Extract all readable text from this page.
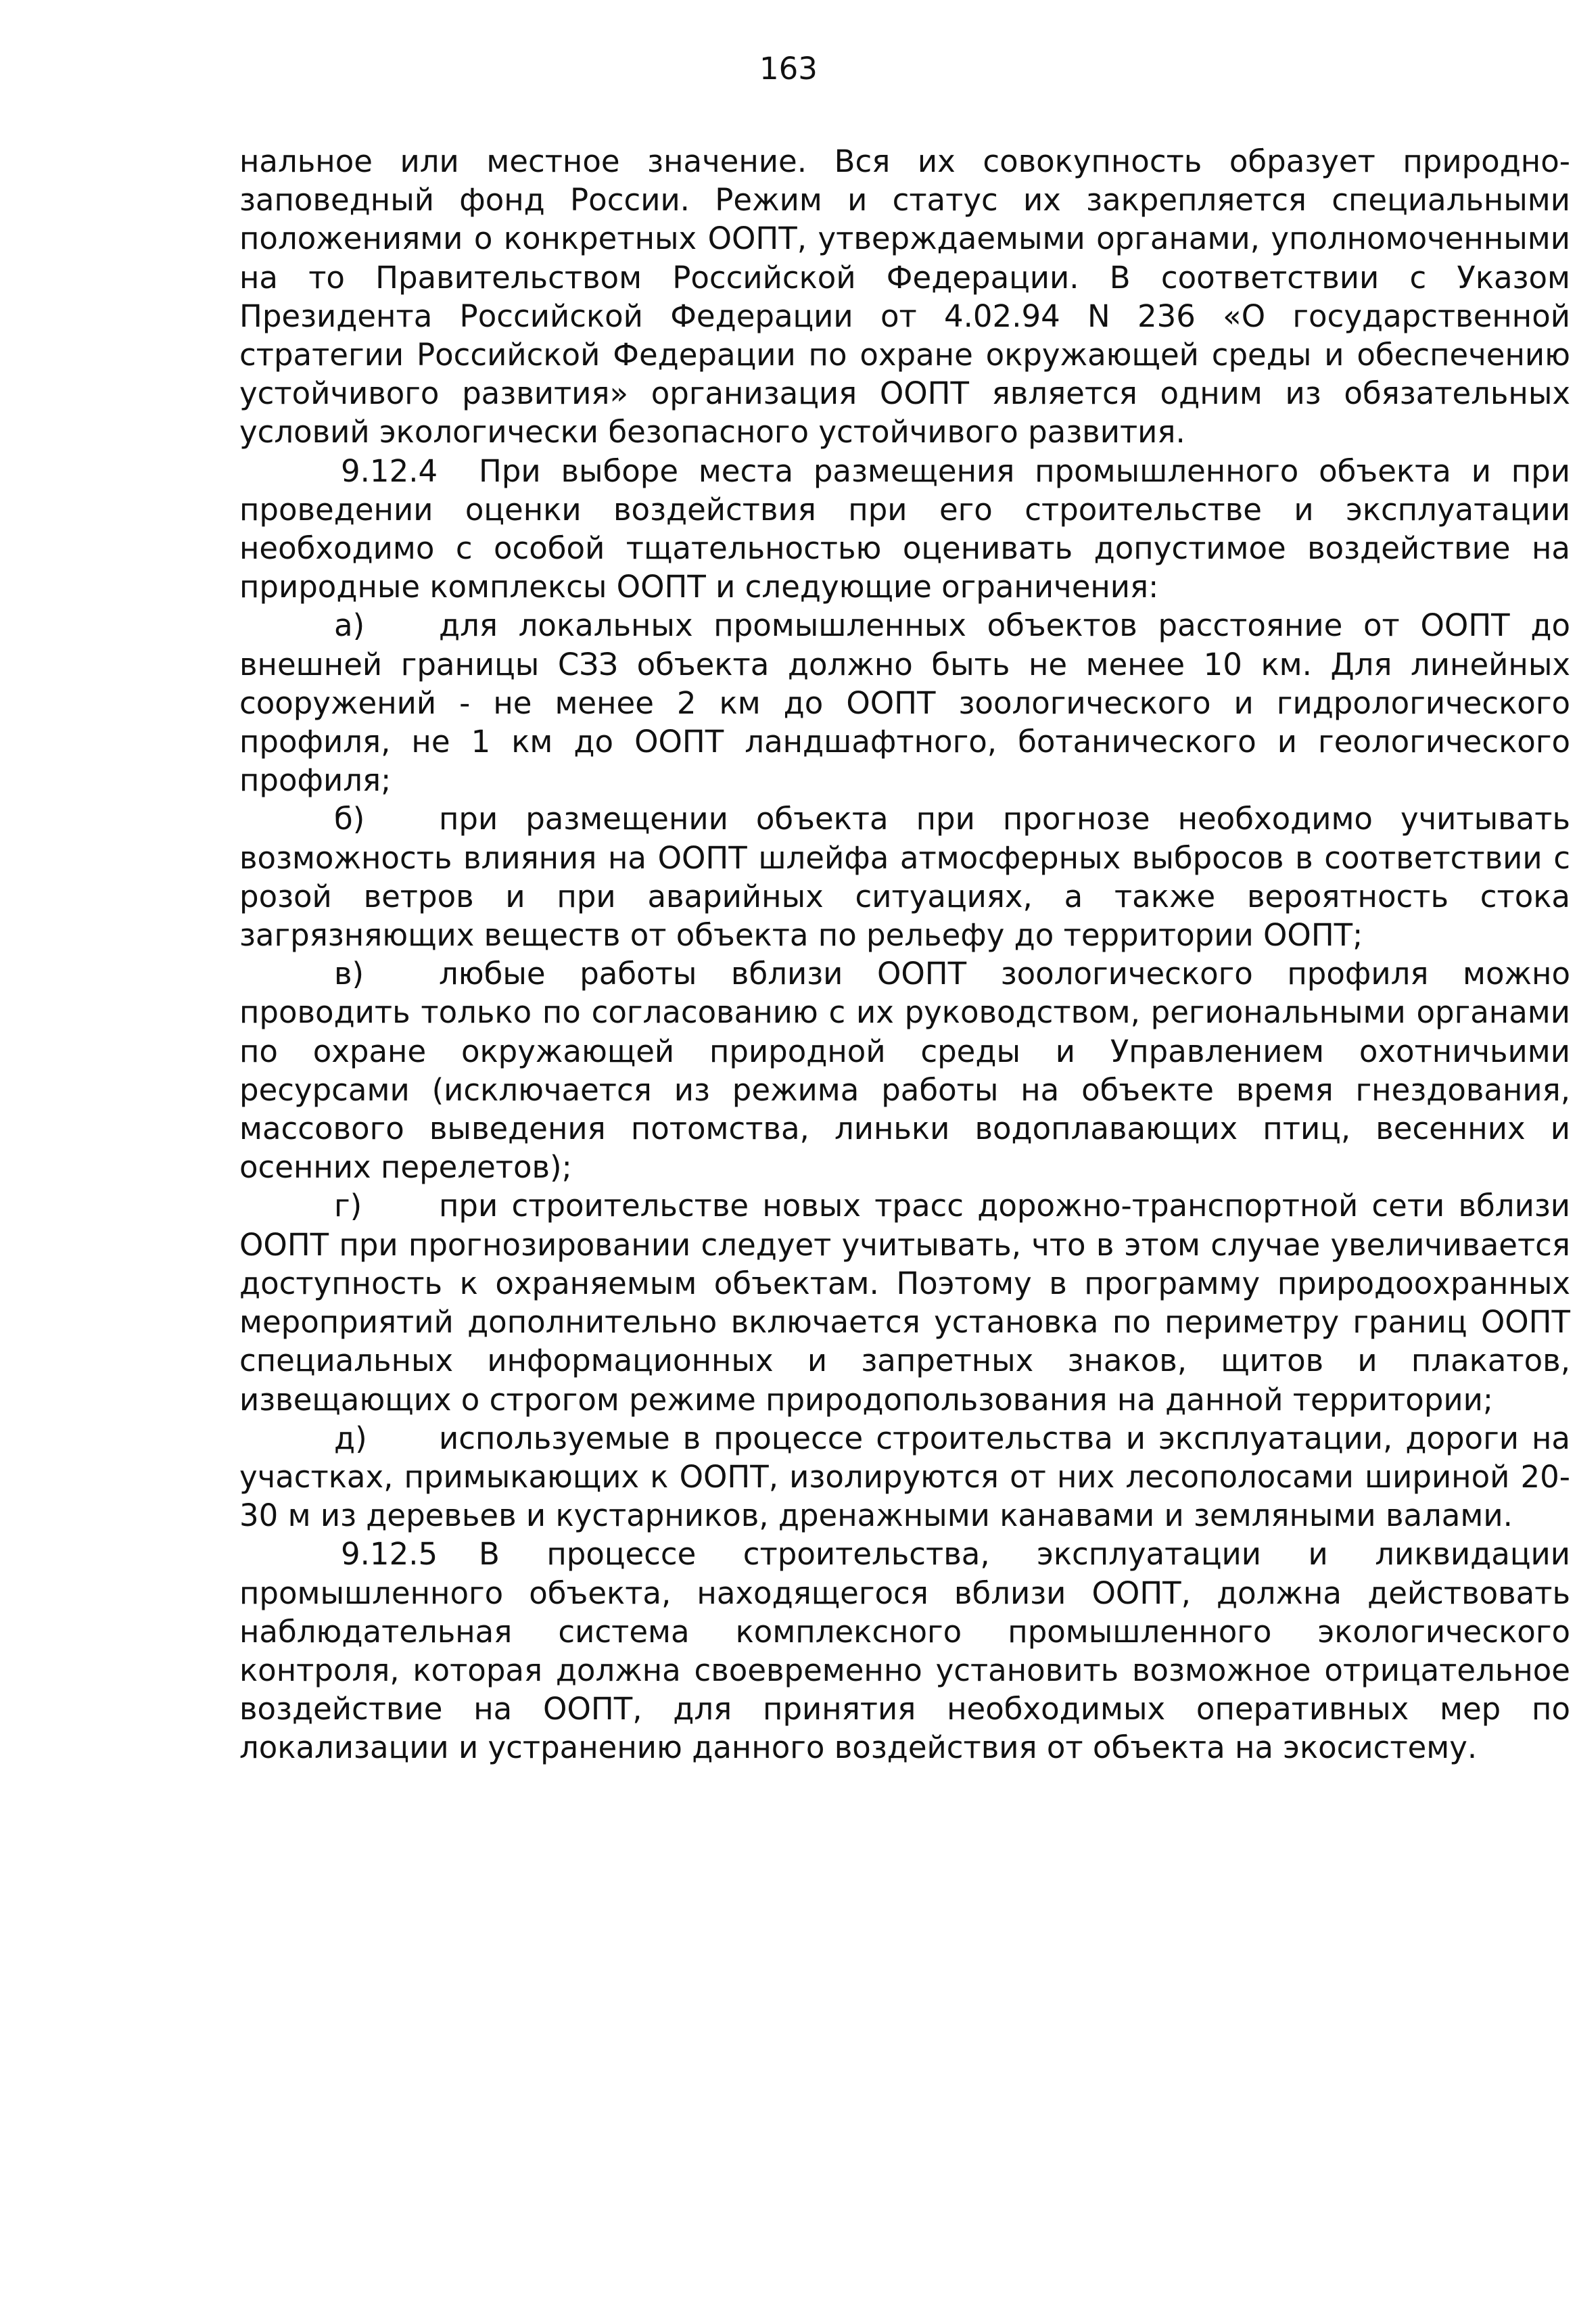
163

нальное или местное значение. Вся их совокупность образует природно-заповедный фонд России. Режим и статус их закрепляется специальными положениями о конкретных ООПТ, утверждаемыми органами, уполномоченными на то Правительством Российской Федерации. В соответствии с Указом Президента Российской Федерации от 4.02.94 N 236 «О государственной стратегии Российской Федерации по охране окружающей среды и обеспечению устойчивого развития» организация ООПТ является одним из обязательных условий экологически безопасного устойчивого развития.

9.12.4 При выборе места размещения промышленного объекта и при проведении оценки воздействия при его строительстве и эксплуатации необходимо с особой тщательностью оценивать допустимое воздействие на природные комплексы ООПТ и следующие ограничения:

а) для локальных промышленных объектов расстояние от ООПТ до внешней границы СЗЗ объекта должно быть не менее 10 км. Для линейных сооружений - не менее 2 км до ООПТ зоологического и гидрологического профиля, не 1 км до ООПТ ландшафтного, ботанического и геологического профиля;

б) при размещении объекта при прогнозе необходимо учитывать возможность влияния на ООПТ шлейфа атмосферных выбросов в соответствии с розой ветров и при аварийных ситуациях, а также вероятность стока загрязняющих веществ от объекта по рельефу до территории ООПТ;

в) любые работы вблизи ООПТ зоологического профиля можно проводить только по согласованию с их руководством, региональными органами по охране окружающей природной среды и Управлением охотничьими ресурсами (исключается из режима работы на объекте время гнездования, массового выведения потомства, линьки водоплавающих птиц, весенних и осенних перелетов);

г)	при строительстве новых трасс дорожно-транспортной сети вблизи ООПТ при прогнозировании следует учитывать, что в этом случае увеличивается доступность к охраняемым объектам. Поэтому в программу природоохранных мероприятий дополнительно включается установка по периметру границ ООПТ специальных информационных и запретных знаков, щитов и плакатов, извещающих о строгом режиме природопользования на данной территории;

д) используемые в процессе строительства и эксплуатации, дороги на участках, примыкающих к ООПТ, изолируются от них лесополосами шириной 20-30 м из деревьев и кустарников, дренажными канавами и земляными валами.

9.12.5 В процессе строительства, эксплуатации и ликвидации промышленного объекта, находящегося вблизи ООПТ, должна действовать наблюдательная система комплексного промышленного экологического контроля, которая должна своевременно установить возможное отрицательное воздействие на ООПТ, для принятия необходимых оперативных мер по локализации и устранению данного воздействия от объекта на экосистему.
